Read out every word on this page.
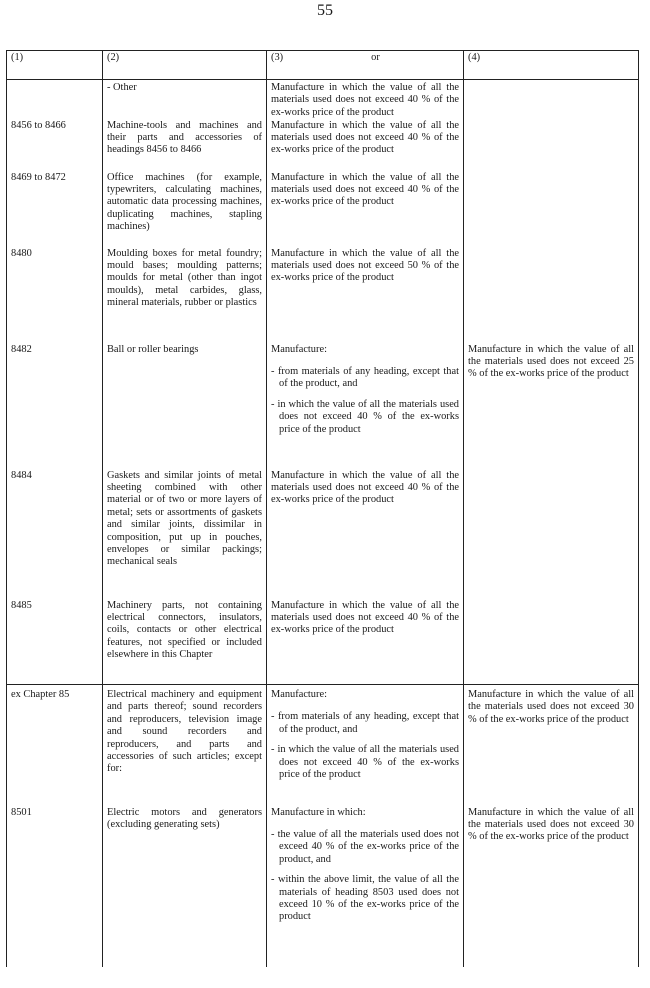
55
(1)	(2)	(3) or	(4)
	- Other	Manufacture in which the value of all the materials used does not exceed 40 % of the ex-works price of the product	

8456 to 8466	Machine-tools and machines and their parts and accessories of headings 8456 to 8466	Manufacture in which the value of all the materials used does not exceed 40 % of the ex-works price of the product	

8469 to 8472	Office machines (for example, typewriters, calculating machines, automatic data processing machines, duplicating machines, stapling machines)	Manufacture in which the value of all the materials used does not exceed 40 % of the ex-works price of the product	

8480	Moulding boxes for metal foundry; mould bases; moulding patterns; moulds for metal (other than ingot moulds), metal carbides, glass, mineral materials, rubber or plastics	Manufacture in which the value of all the materials used does not exceed 50 % of the ex-works price of the product	

8482	Ball or roller bearings	Manufacture:
- from materials of any heading, except that of the product, and
- in which the value of all the materials used does not exceed 40 % of the ex-works price of the product	Manufacture in which the value of all the materials used does not exceed 25 % of the ex-works price of the product

8484	Gaskets and similar joints of metal sheeting combined with other material or of two or more layers of metal; sets or assortments of gaskets and similar joints, dissimilar in composition, put up in pouches, envelopes or similar packings; mechanical seals	Manufacture in which the value of all the materials used does not exceed 40 % of the ex-works price of the product	

8485	Machinery parts, not containing electrical connectors, insulators, coils, contacts or other electrical features, not specified or included elsewhere in this Chapter	Manufacture in which the value of all the materials used does not exceed 40 % of the ex-works price of the product	

ex Chapter 85	Electrical machinery and equipment and parts thereof; sound recorders and reproducers, television image and sound recorders and reproducers, and parts and accessories of such articles; except for:	Manufacture:
- from materials of any heading, except that of the product, and
- in which the value of all the materials used does not exceed 40 % of the ex-works price of the product	Manufacture in which the value of all the materials used does not exceed 30 % of the ex-works price of the product

8501	Electric motors and generators (excluding generating sets)	Manufacture in which:
- the value of all the materials used does not exceed 40 % of the ex-works price of the product, and
- within the above limit, the value of all the materials of heading 8503 used does not exceed 10 % of the ex-works price of the product	Manufacture in which the value of all the materials used does not exceed 30 % of the ex-works price of the product
